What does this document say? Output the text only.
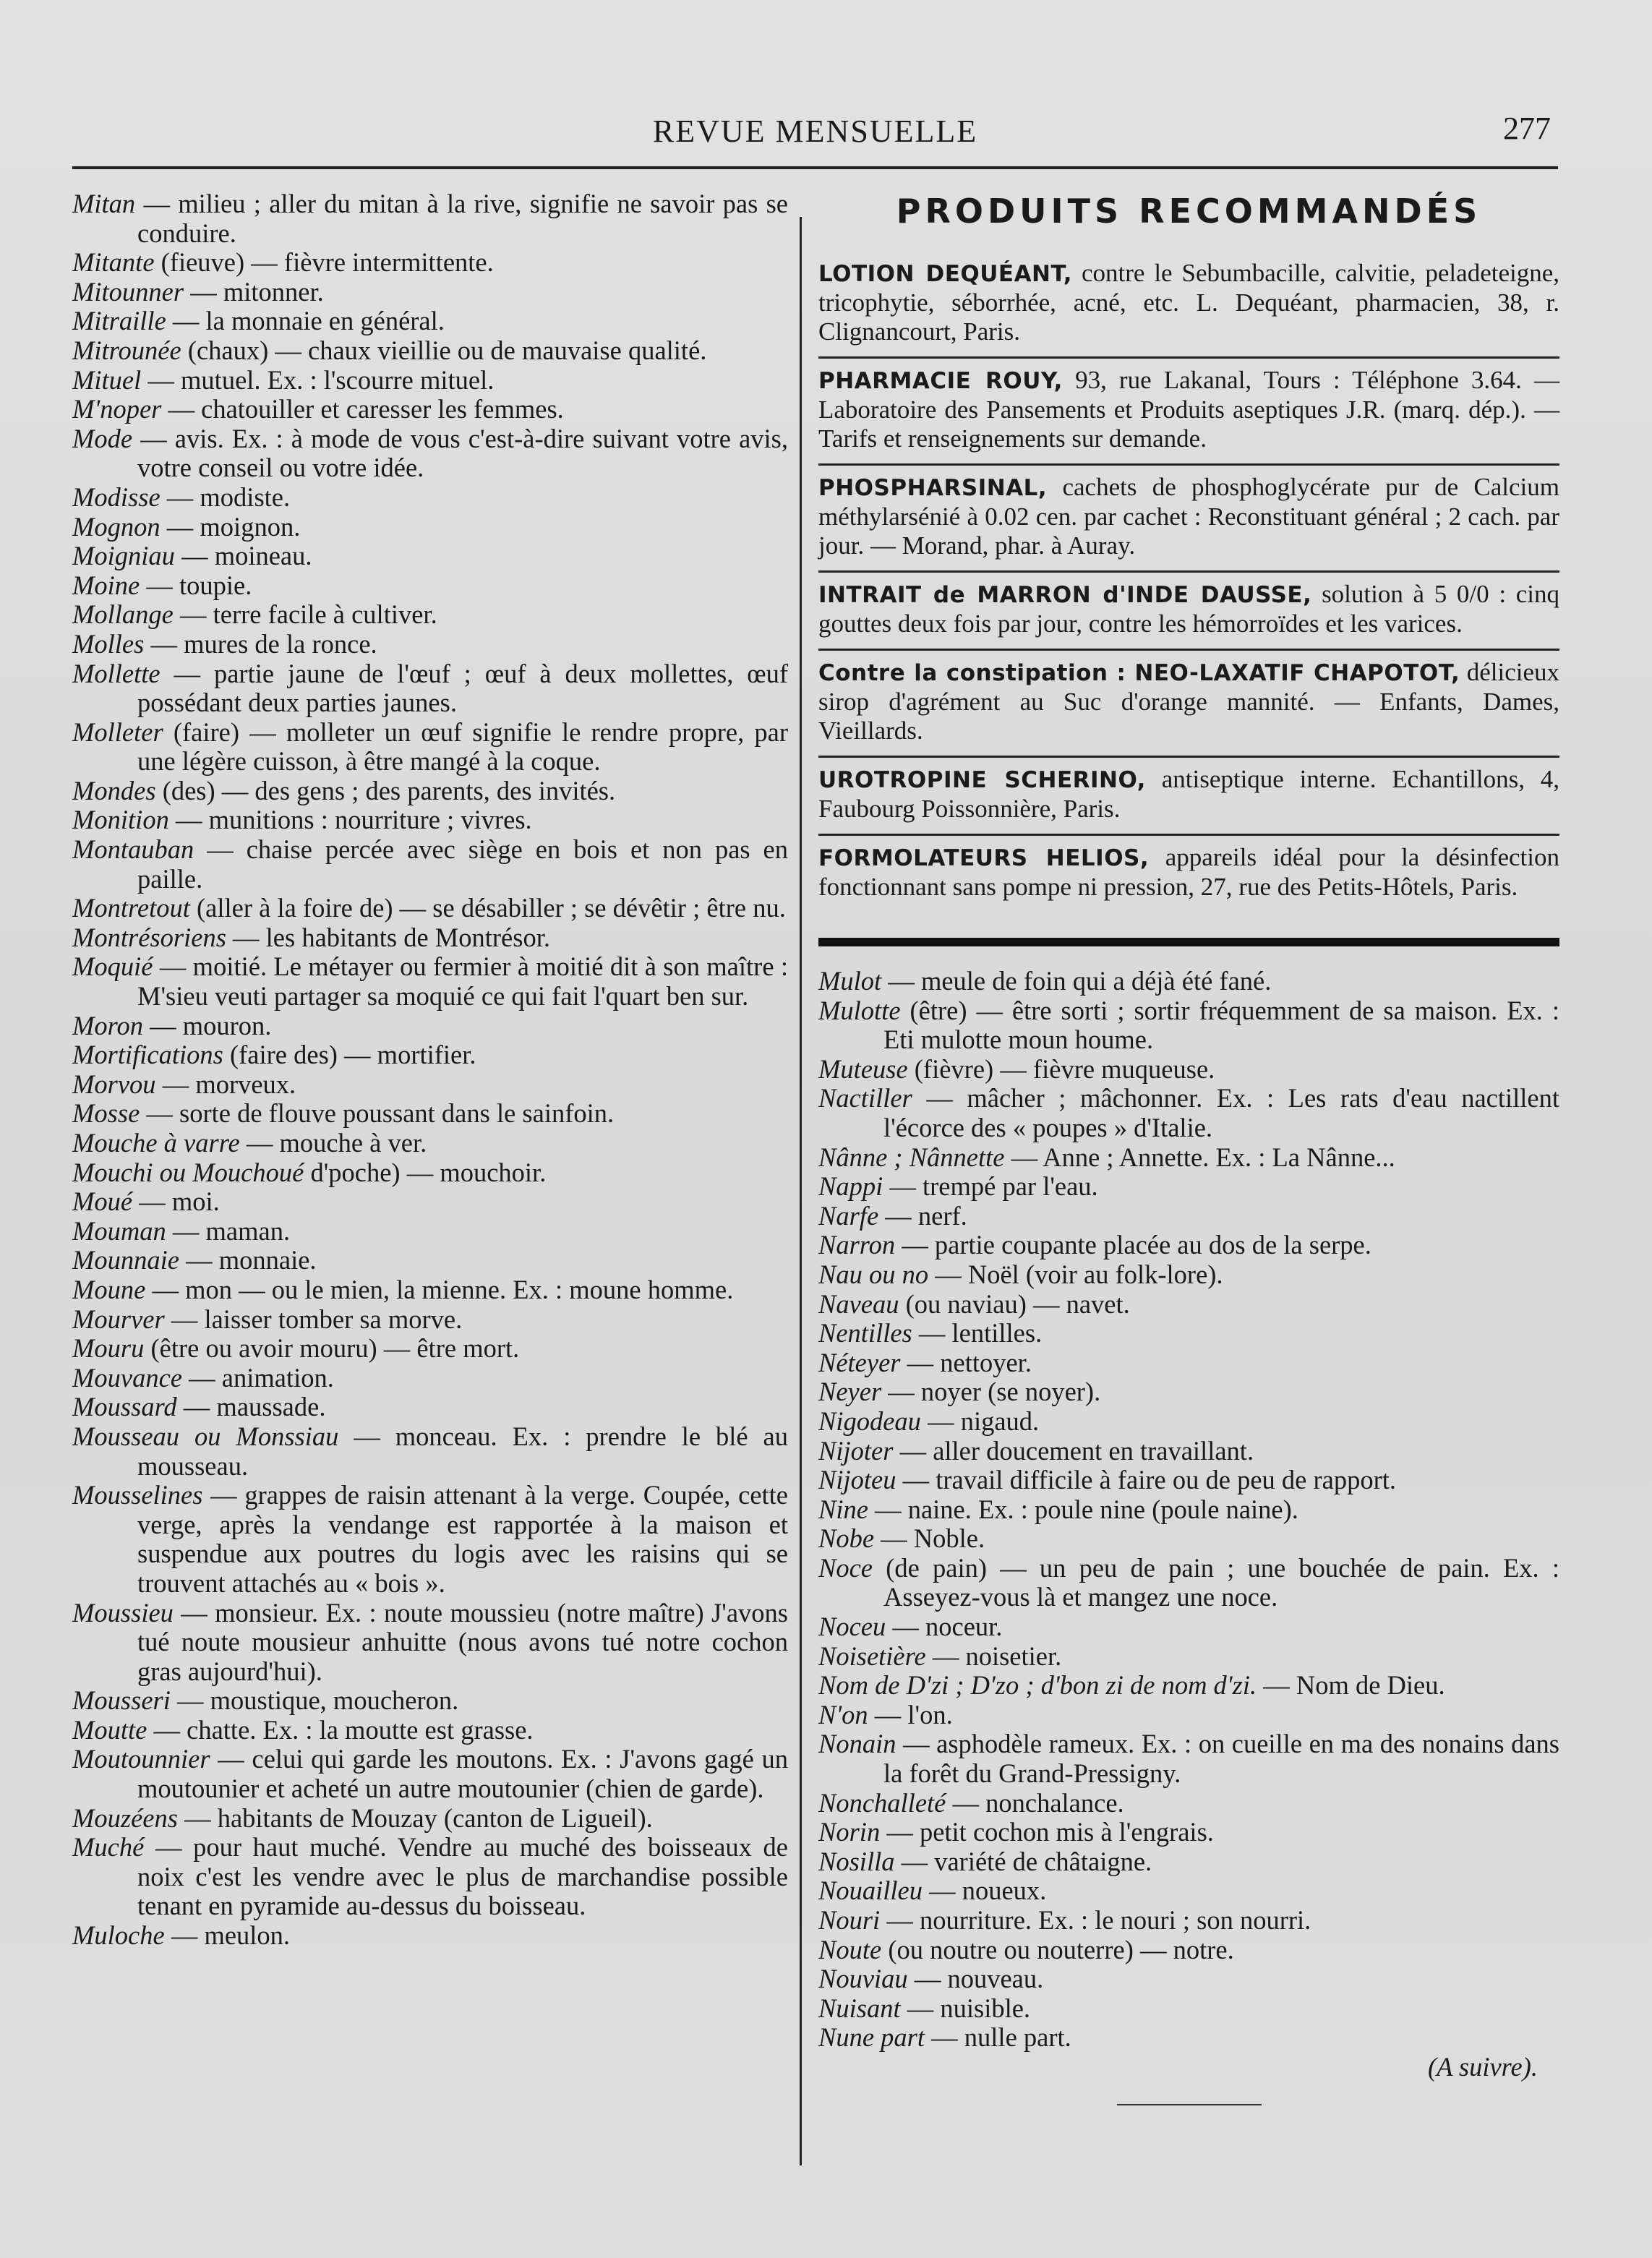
REVUE MENSUELLE	277

Mitan — milieu ; aller du mitan à la rive, signifie ne savoir pas se conduire.

Mitante (fieuve) — fièvre intermittente.

Mitounner — mitonner.

Mitraille — la monnaie en général.

Mitrounée (chaux) — chaux vieillie ou de mauvaise qualité.

Mituel — mutuel. Ex. : l'scourre mituel.

M'noper — chatouiller et caresser les femmes.

Mode — avis. Ex. : à mode de vous c'est-à-dire suivant votre avis, votre conseil ou votre idée.

Modisse — modiste.

Mognon — moignon.

Moigniau — moineau.

Moine — toupie.

Mollange — terre facile à cultiver.

Molles — mures de la ronce.

Mollette — partie jaune de l'œuf ; œuf à deux mollettes, œuf possédant deux parties jaunes.

Molleter (faire) — molleter un œuf signifie le rendre propre, par une légère cuisson, à être mangé à la coque.

Mondes (des) — des gens ; des parents, des invités.

Monition — munitions : nourriture ; vivres.

Montauban — chaise percée avec siège en bois et non pas en paille.

Montretout (aller à la foire de) — se désabiller ; se dévêtir ; être nu.

Montrésoriens — les habitants de Montrésor.

Moquié — moitié. Le métayer ou fermier à moitié dit à son maître : M'sieu veuti partager sa moquié ce qui fait l'quart ben sur.

Moron — mouron.

Mortifications (faire des) — mortifier.

Morvou — morveux.

Mosse — sorte de flouve poussant dans le sainfoin.

Mouche à varre — mouche à ver.

Mouchi ou Mouchoué d'poche) — mouchoir.

Moué — moi.

Mouman — maman.

Mounnaie — monnaie.

Moune — mon — ou le mien, la mienne. Ex. : moune homme.

Mourver — laisser tomber sa morve.

Mouru (être ou avoir mouru) — être mort.

Mouvance — animation.

Moussard — maussade.

Mousseau ou Monssiau — monceau. Ex. : prendre le blé au mousseau.

Mousselines — grappes de raisin attenant à la verge. Coupée, cette verge, après la vendange est rapportée à la maison et suspendue aux poutres du logis avec les raisins qui se trouvent attachés au « bois ».

Moussieu — monsieur. Ex. : noute moussieu (notre maître) J'avons tué noute mousieur anhuitte (nous avons tué notre cochon gras aujourd'hui).

Mousseri — moustique, moucheron.

Moutte — chatte. Ex. : la moutte est grasse.

Moutounnier — celui qui garde les moutons. Ex. : J'avons gagé un moutounier et acheté un autre moutounier (chien de garde).

Mouzéens — habitants de Mouzay (canton de Ligueil).

Muché — pour haut muché. Vendre au muché des boisseaux de noix c'est les vendre avec le plus de marchandise possible tenant en pyramide au-dessus du boisseau.

Muloche — meulon.

PRODUITS RECOMMANDÉS
LOTION DEQUÉANT, contre le Sebumbacille, calvitie, peladeteigne, tricophytie, séborrhée, acné, etc. L. Dequéant, pharmacien, 38, r. Clignancourt, Paris.
PHARMACIE ROUY, 93, rue Lakanal, Tours : Téléphone 3.64. — Laboratoire des Pansements et Produits aseptiques J.R. (marq. dép.). — Tarifs et renseignements sur demande.
PHOSPHARSINAL, cachets de phosphoglycérate pur de Calcium méthylarsénié à 0.02 cen. par cachet : Reconstituant général ; 2 cach. par jour. — Morand, phar. à Auray.
INTRAIT de MARRON d'INDE DAUSSE, solution à 5 0/0 : cinq gouttes deux fois par jour, contre les hémorroïdes et les varices.
Contre la constipation : NEO-LAXATIF CHAPOTOT, délicieux sirop d'agrément au Suc d'orange mannité. — Enfants, Dames, Vieillards.
UROTROPINE SCHERINO, antiseptique interne. Echantillons, 4, Faubourg Poissonnière, Paris.
FORMOLATEURS HELIOS, appareils idéal pour la désinfection fonctionnant sans pompe ni pression, 27, rue des Petits-Hôtels, Paris.

Mulot — meule de foin qui a déjà été fané.

Mulotte (être) — être sorti ; sortir fréquemment de sa maison. Ex. : Eti mulotte moun houme.

Muteuse (fièvre) — fièvre muqueuse.

Nactiller — mâcher ; mâchonner. Ex. : Les rats d'eau nactillent l'écorce des « poupes » d'Italie.

Nânne ; Nânnette — Anne ; Annette. Ex. : La Nânne...

Nappi — trempé par l'eau.

Narfe — nerf.

Narron — partie coupante placée au dos de la serpe.

Nau ou no — Noël (voir au folk-lore).

Naveau (ou naviau) — navet.

Nentilles — lentilles.

Néteyer — nettoyer.

Neyer — noyer (se noyer).

Nigodeau — nigaud.

Nijoter — aller doucement en travaillant.

Nijoteu — travail difficile à faire ou de peu de rapport.

Nine — naine. Ex. : poule nine (poule naine).

Nobe — Noble.

Noce (de pain) — un peu de pain ; une bouchée de pain. Ex. : Asseyez-vous là et mangez une noce.

Noceu — noceur.

Noisetière — noisetier.

Nom de D'zi ; D'zo ; d'bon zi de nom d'zi. — Nom de Dieu.

N'on — l'on.

Nonain — asphodèle rameux. Ex. : on cueille en ma des nonains dans la forêt du Grand-Pressigny.

Nonchalleté — nonchalance.

Norin — petit cochon mis à l'engrais.

Nosilla — variété de châtaigne.

Nouailleu — noueux.

Nouri — nourriture. Ex. : le nouri ; son nourri.

Noute (ou noutre ou nouterre) — notre.

Nouviau — nouveau.

Nuisant — nuisible.

Nune part — nulle part.

(A suivre).
